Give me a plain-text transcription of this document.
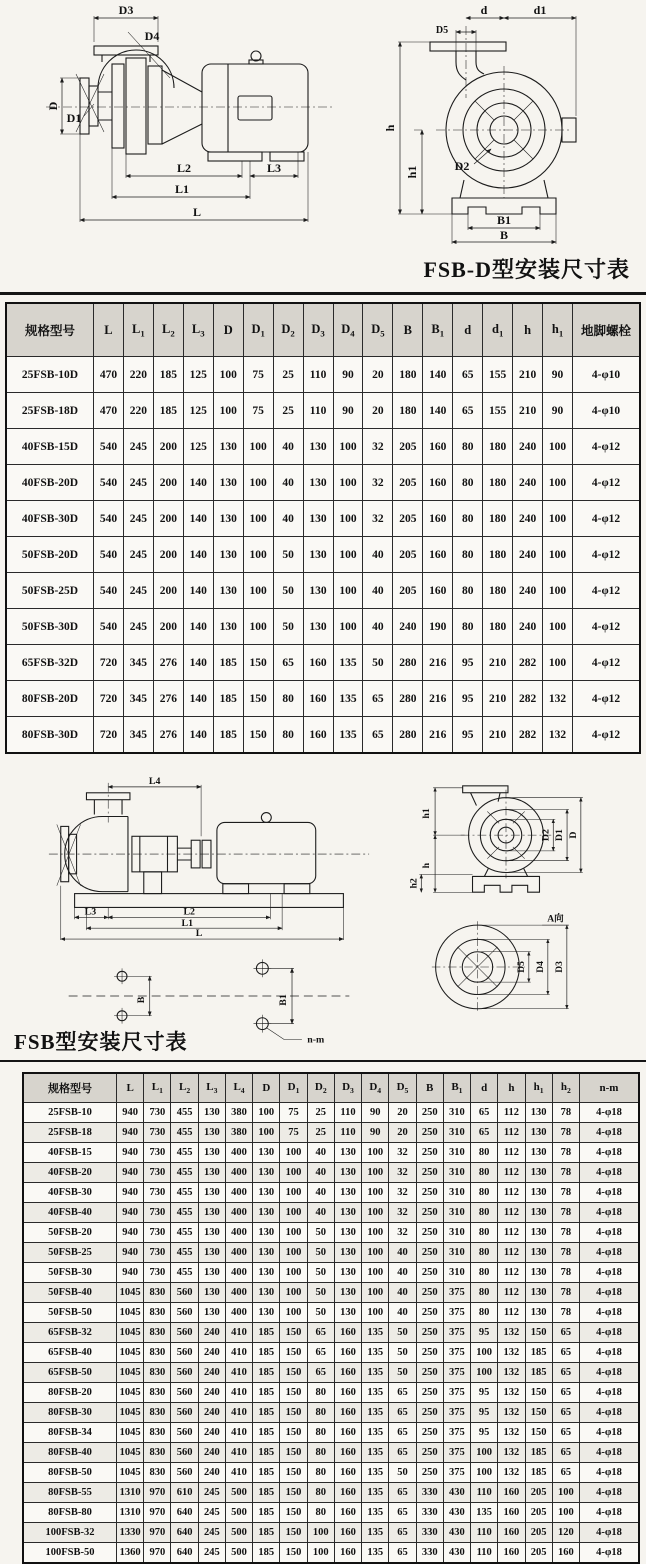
D3
D4
D
D1
L2	L3
L1
L
d	d1
D5
h
h1	D2
B1
B
FSB-D型安装尺寸表
规格型号	L	$L_1$	$L_2$	$L_3$	D	$D_1$	$D_2$	$D_3$	$D_4$	$D_5$	B	$B_1$	d	$d_1$	h	$h_1$	地脚螺栓
25FSB-10D	470	220	185	125	100	75	25	110	90	20	180	140	65	155	210	90	4-φ10
25FSB-18D	470	220	185	125	100	75	25	110	90	20	180	140	65	155	210	90	4-φ10
40FSB-15D	540	245	200	125	130	100	40	130	100	32	205	160	80	180	240	100	4-φ12
40FSB-20D	540	245	200	140	130	100	40	130	100	32	205	160	80	180	240	100	4-φ12
40FSB-30D	540	245	200	140	130	100	40	130	100	32	205	160	80	180	240	100	4-φ12
50FSB-20D	540	245	200	140	130	100	50	130	100	40	205	160	80	180	240	100	4-φ12
50FSB-25D	540	245	200	140	130	100	50	130	100	40	205	160	80	180	240	100	4-φ12
50FSB-30D	540	245	200	140	130	100	50	130	100	40	240	190	80	180	240	100	4-φ12
65FSB-32D	720	345	276	140	185	150	65	160	135	50	280	216	95	210	282	100	4-φ12
80FSB-20D	720	345	276	140	185	150	80	160	135	65	280	216	95	210	282	132	4-φ12
80FSB-30D	720	345	276	140	185	150	80	160	135	65	280	216	95	210	282	132	4-φ12
L4
L3	L2
L1
L
B	B1
n-m
h1
h
h2
D2 D1 D
A向
D5 D4 D3
FSB型安装尺寸表
规格型号	L	$L_1$	$L_2$	$L_3$	$L_4$	D	$D_1$	$D_2$	$D_3$	$D_4$	$D_5$	B	$B_1$	d	h	$h_1$	$h_2$	n-m
25FSB-10	940	730	455	130	380	100	75	25	110	90	20	250	310	65	112	130	78	4-φ18
25FSB-18	940	730	455	130	380	100	75	25	110	90	20	250	310	65	112	130	78	4-φ18
40FSB-15	940	730	455	130	400	130	100	40	130	100	32	250	310	80	112	130	78	4-φ18
40FSB-20	940	730	455	130	400	130	100	40	130	100	32	250	310	80	112	130	78	4-φ18
40FSB-30	940	730	455	130	400	130	100	40	130	100	32	250	310	80	112	130	78	4-φ18
40FSB-40	940	730	455	130	400	130	100	40	130	100	32	250	310	80	112	130	78	4-φ18
50FSB-20	940	730	455	130	400	130	100	50	130	100	32	250	310	80	112	130	78	4-φ18
50FSB-25	940	730	455	130	400	130	100	50	130	100	40	250	310	80	112	130	78	4-φ18
50FSB-30	940	730	455	130	400	130	100	50	130	100	40	250	310	80	112	130	78	4-φ18
50FSB-40	1045	830	560	130	400	130	100	50	130	100	40	250	375	80	112	130	78	4-φ18
50FSB-50	1045	830	560	130	400	130	100	50	130	100	40	250	375	80	112	130	78	4-φ18
65FSB-32	1045	830	560	240	410	185	150	65	160	135	50	250	375	95	132	150	65	4-φ18
65FSB-40	1045	830	560	240	410	185	150	65	160	135	50	250	375	100	132	185	65	4-φ18
65FSB-50	1045	830	560	240	410	185	150	65	160	135	50	250	375	100	132	185	65	4-φ18
80FSB-20	1045	830	560	240	410	185	150	80	160	135	65	250	375	95	132	150	65	4-φ18
80FSB-30	1045	830	560	240	410	185	150	80	160	135	65	250	375	95	132	150	65	4-φ18
80FSB-34	1045	830	560	240	410	185	150	80	160	135	65	250	375	95	132	150	65	4-φ18
80FSB-40	1045	830	560	240	410	185	150	80	160	135	65	250	375	100	132	185	65	4-φ18
80FSB-50	1045	830	560	240	410	185	150	80	160	135	50	250	375	100	132	185	65	4-φ18
80FSB-55	1310	970	610	245	500	185	150	80	160	135	65	330	430	110	160	205	100	4-φ18
80FSB-80	1310	970	640	245	500	185	150	80	160	135	65	330	430	135	160	205	100	4-φ18
100FSB-32	1330	970	640	245	500	185	150	100	160	135	65	330	430	110	160	205	120	4-φ18
100FSB-50	1360	970	640	245	500	185	150	100	160	135	65	330	430	110	160	205	160	4-φ18
